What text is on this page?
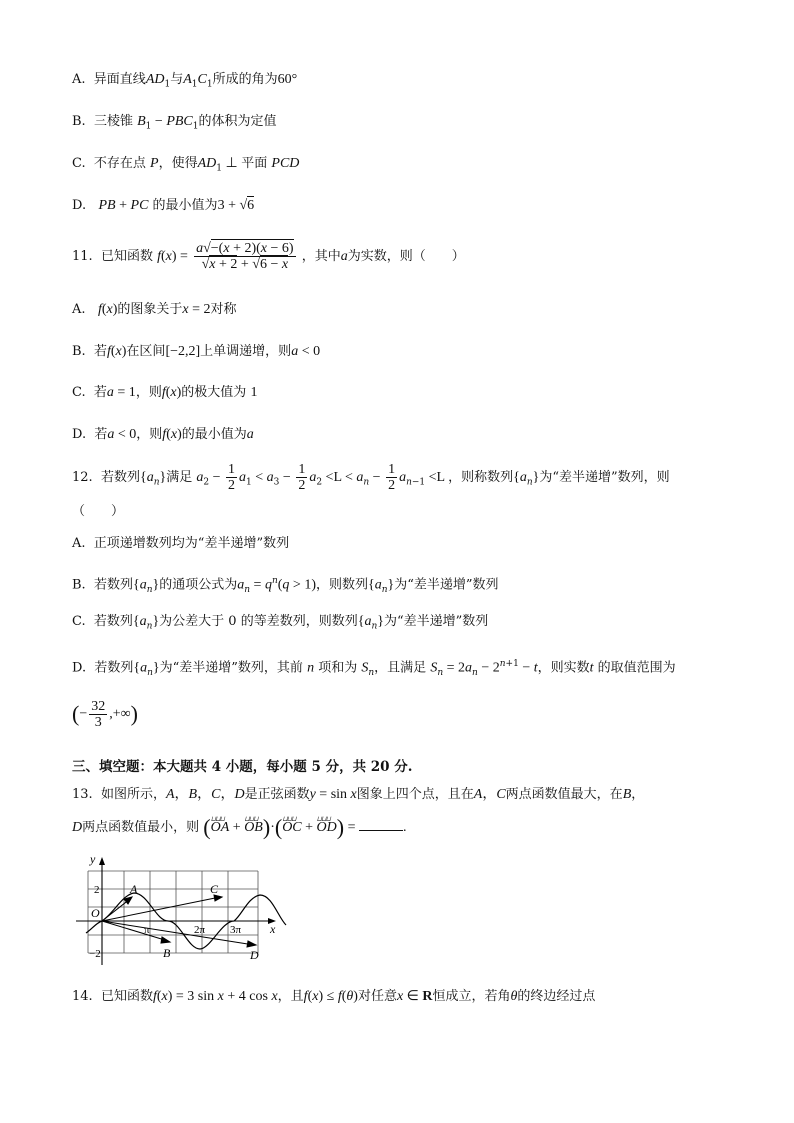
A. 异面直线$AD_1$与$A_1C_1$所成的角为60°
B. 三棱锥 $B_1 - PBC_1$的体积为定值
C. 不存在点 P，使得$AD_1$ ⊥ 平面 PCD
D. PB + PC 的最小值为3 + √6
11. 已知函数 $f(x) = \frac{a√-(x + 2)(x - 6)}{√x + 2 + √6 - x}$ ，其中a为实数，则（　　）
A. f(x)的图象关于x = 2对称
B. 若f(x)在区间[−2,2]上单调递增，则a < 0
C. 若a = 1，则f(x)的极大值为 1
D. 若a < 0，则f(x)的最小值为a
12. 若数列$\{a_n\}$满足 $a_2 - \frac{1}{2} a_1 < a_3 - \frac{1}{2} a_2 <L < a_n - \frac{1}{2} a_{n-1} <L$ ，则称数列$\{a_n\}$为“差半递增”数列，则
（　　）
A. 正项递增数列均为“差半递增”数列
B. 若数列$\{a_n\}$的通项公式为$a_n = q^n(q > 1)$，则数列$\{a_n\}$为“差半递增”数列
C. 若数列$\{a_n\}$为公差大于 0 的等差数列，则数列$\{a_n\}$为“差半递增”数列
D. 若数列$\{a_n\}$为“差半递增”数列，其前 n 项和为 $S_n$，且满足 $S_n = 2a_n - 2^{n+1} - t$，则实数t 的取值范围为
(− $\frac{32}{3}$ ,+∞)
三、填空题：本大题共 4 小题，每小题 5 分，共 20 分.
13. 如图所示，A，B，C，D是正弦函数y = sin x图象上四个点，且在A，C两点函数值最大，在B，
D两点函数值最小，则 (⊔⊔⊔ OA + ⊔⊔⊔ OB)·(⊔⊔⊔ OC + ⊔⊔⊔ OD) =	.
y
x
O
2
−2
π	2π 3π
A
B
C
D
14. 已知函数f(x) = 3 sin x + 4 cos x，且f(x) ≤ f(θ)对任意x ∈ R恒成立，若角θ的终边经过点
